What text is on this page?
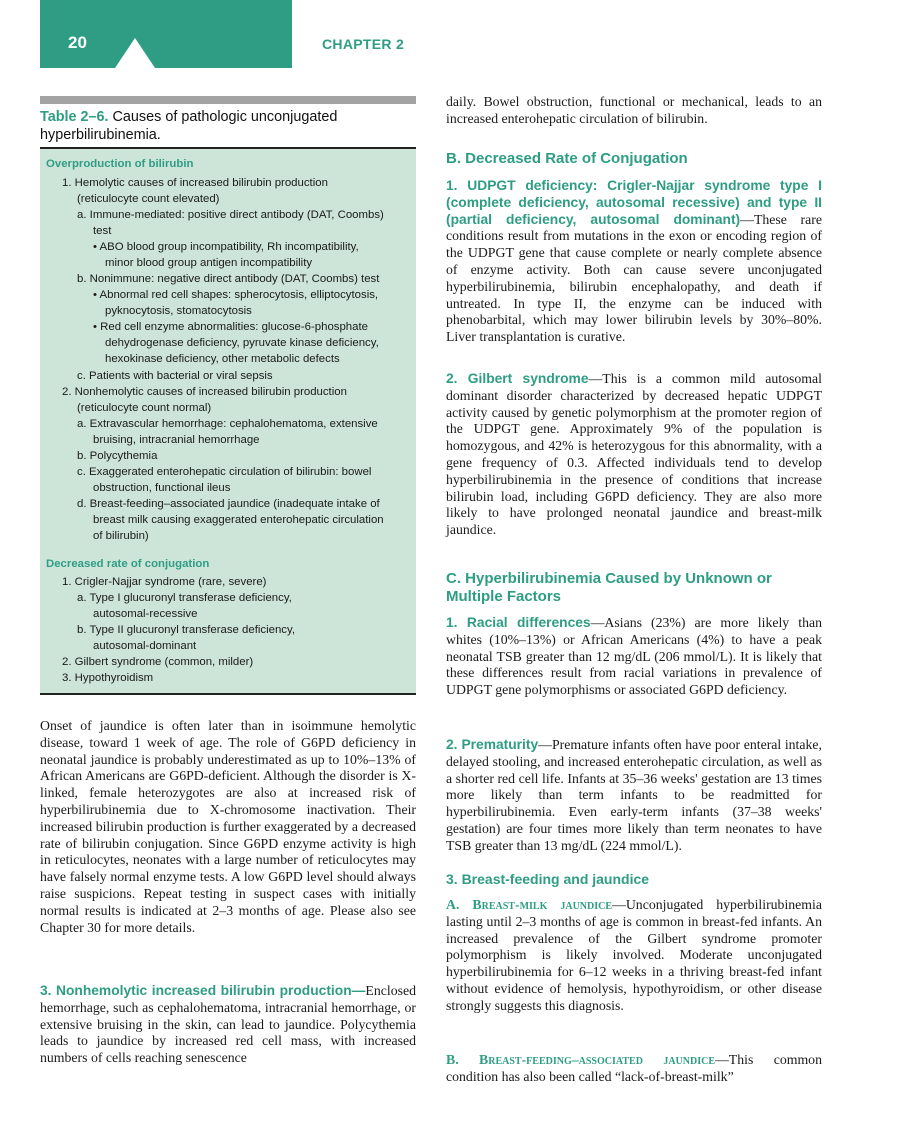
20	CHAPTER 2
Table 2–6. Causes of pathologic unconjugated
hyperbilirubinemia.
Overproduction of bilirubin
1. Hemolytic causes of increased bilirubin production
(reticulocyte count elevated)
a. Immune-mediated: positive direct antibody (DAT, Coombs)
test
• ABO blood group incompatibility, Rh incompatibility,
minor blood group antigen incompatibility
b. Nonimmune: negative direct antibody (DAT, Coombs) test
• Abnormal red cell shapes: spherocytosis, elliptocytosis,
pyknocytosis, stomatocytosis
• Red cell enzyme abnormalities: glucose-6-phosphate
dehydrogenase deficiency, pyruvate kinase deficiency,
hexokinase deficiency, other metabolic defects
c. Patients with bacterial or viral sepsis
2. Nonhemolytic causes of increased bilirubin production
(reticulocyte count normal)
a. Extravascular hemorrhage: cephalohematoma, extensive
bruising, intracranial hemorrhage
b. Polycythemia
c. Exaggerated enterohepatic circulation of bilirubin: bowel
obstruction, functional ileus
d. Breast-feeding–associated jaundice (inadequate intake of
breast milk causing exaggerated enterohepatic circulation
of bilirubin)
Decreased rate of conjugation
1. Crigler-Najjar syndrome (rare, severe)
a. Type I glucuronyl transferase deficiency,
autosomal-recessive
b. Type II glucuronyl transferase deficiency,
autosomal-dominant
2. Gilbert syndrome (common, milder)
3. Hypothyroidism

Onset of jaundice is often later than in isoimmune hemolytic disease, toward 1 week of age. The role of G6PD deficiency in neonatal jaundice is probably underestimated as up to 10%–13% of African Americans are G6PD-deficient. Although the disorder is X-linked, female heterozygotes are also at increased risk of hyperbilirubinemia due to X-chromosome inactivation. Their increased bilirubin production is further exaggerated by a decreased rate of bilirubin conjugation. Since G6PD enzyme activity is high in reticulocytes, neonates with a large number of reticulocytes may have falsely normal enzyme tests. A low G6PD level should always raise suspicions. Repeat testing in suspect cases with initially normal results is indicated at 2–3 months of age. Please also see Chapter 30 for more details.

3. Nonhemolytic increased bilirubin production—Enclosed hemorrhage, such as cephalohematoma, intracranial hemorrhage, or extensive bruising in the skin, can lead to jaundice. Polycythemia leads to jaundice by increased red cell mass, with increased numbers of cells reaching senescence

daily. Bowel obstruction, functional or mechanical, leads to an increased enterohepatic circulation of bilirubin.

B. Decreased Rate of Conjugation

1. UDPGT deficiency: Crigler-Najjar syndrome type I (complete deficiency, autosomal recessive) and type II (partial deficiency, autosomal dominant)—These rare conditions result from mutations in the exon or encoding region of the UDPGT gene that cause complete or nearly complete absence of enzyme activity. Both can cause severe unconjugated hyperbilirubinemia, bilirubin encephalopathy, and death if untreated. In type II, the enzyme can be induced with phenobarbital, which may lower bilirubin levels by 30%–80%. Liver transplantation is curative.

2. Gilbert syndrome—This is a common mild autosomal dominant disorder characterized by decreased hepatic UDPGT activity caused by genetic polymorphism at the promoter region of the UDPGT gene. Approximately 9% of the population is homozygous, and 42% is heterozygous for this abnormality, with a gene frequency of 0.3. Affected individuals tend to develop hyperbilirubinemia in the presence of conditions that increase bilirubin load, including G6PD deficiency. They are also more likely to have prolonged neonatal jaundice and breast-milk jaundice.

C. Hyperbilirubinemia Caused by Unknown or Multiple Factors

1. Racial differences—Asians (23%) are more likely than whites (10%–13%) or African Americans (4%) to have a peak neonatal TSB greater than 12 mg/dL (206 mmol/L). It is likely that these differences result from racial variations in prevalence of UDPGT gene polymorphisms or associated G6PD deficiency.

2. Prematurity—Premature infants often have poor enteral intake, delayed stooling, and increased enterohepatic circulation, as well as a shorter red cell life. Infants at 35–36 weeks' gestation are 13 times more likely than term infants to be readmitted for hyperbilirubinemia. Even early-term infants (37–38 weeks' gestation) are four times more likely than term neonates to have TSB greater than 13 mg/dL (224 mmol/L).

3. Breast-feeding and jaundice

A. Breast-milk jaundice—Unconjugated hyperbilirubinemia lasting until 2–3 months of age is common in breast-fed infants. An increased prevalence of the Gilbert syndrome promoter polymorphism is likely involved. Moderate unconjugated hyperbilirubinemia for 6–12 weeks in a thriving breast-fed infant without evidence of hemolysis, hypothyroidism, or other disease strongly suggests this diagnosis.

B. Breast-feeding–associated jaundice—This common condition has also been called “lack-of-breast-milk”
